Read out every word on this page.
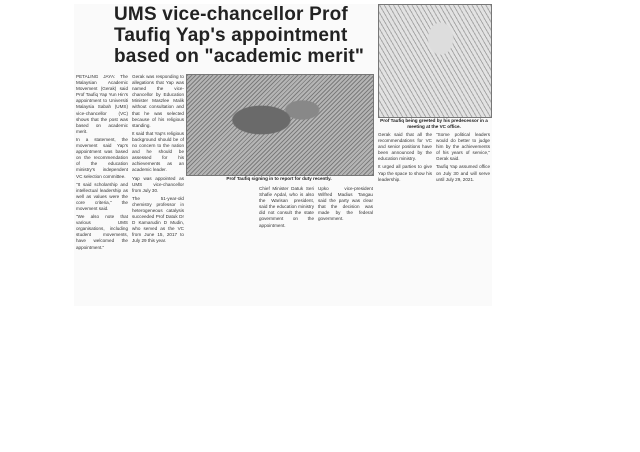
UMS vice-chancellor Prof
Taufiq Yap's appointment
based on "academic merit"

PETALING JAYA: The Malaysian Academic Movement (Gerak) said Prof Taufiq Yap Yun Hin's appointment to Universiti Malaysia Sabah (UMS) vice-chancellor (VC) shows that the post was based on academic merit.

In a statement, the movement said Yap's appointment was based on the recommendation of the education ministry's independent VC selection committee.

"It said scholarship and intellectual leadership as well as values were the core criteria," the movement said.

"We also note that various UMS organisations, including student movements, have welcomed the appointment."

Gerak was responding to allegations that Yap was named the vice-chancellor by Education Minister Maszlee Malik without consultation and that he was selected because of his religious standing.

It said that Yap's religious background should be of no concern to the nation and he should be assessed for his achievements as an academic leader.

Yap was appointed as UMS vice-chancellor from July 30.

The 51-year-old chemistry professor in heterogeneous catalysis succeeded Prof Datuk Dr D Kamarudin D Mudin, who served as the VC from June 15, 2017 to July 29 this year.

Prof Taufiq signing in to report for duty recently.

Chief Minister Datuk Seri Shafie Apdal, who is also the Warisan president, said the education ministry did not consult the state government on the appointment.

Upko vice-president Wilfred Madius Tangau said the party was clear that the decision was made by the federal government.

Prof Taufiq being greeted by his predecessor in a meeting at the VC office.

Gerak said that all the recommendations for VC and senior positions have been announced by the education ministry.

It urged all parties to give Yap the space to show his leadership.

"Some political leaders would do better to judge him by the achievements of his years of service," Gerak said.

Taufiq Yap assumed office on July 30 and will serve until July 29, 2021.
